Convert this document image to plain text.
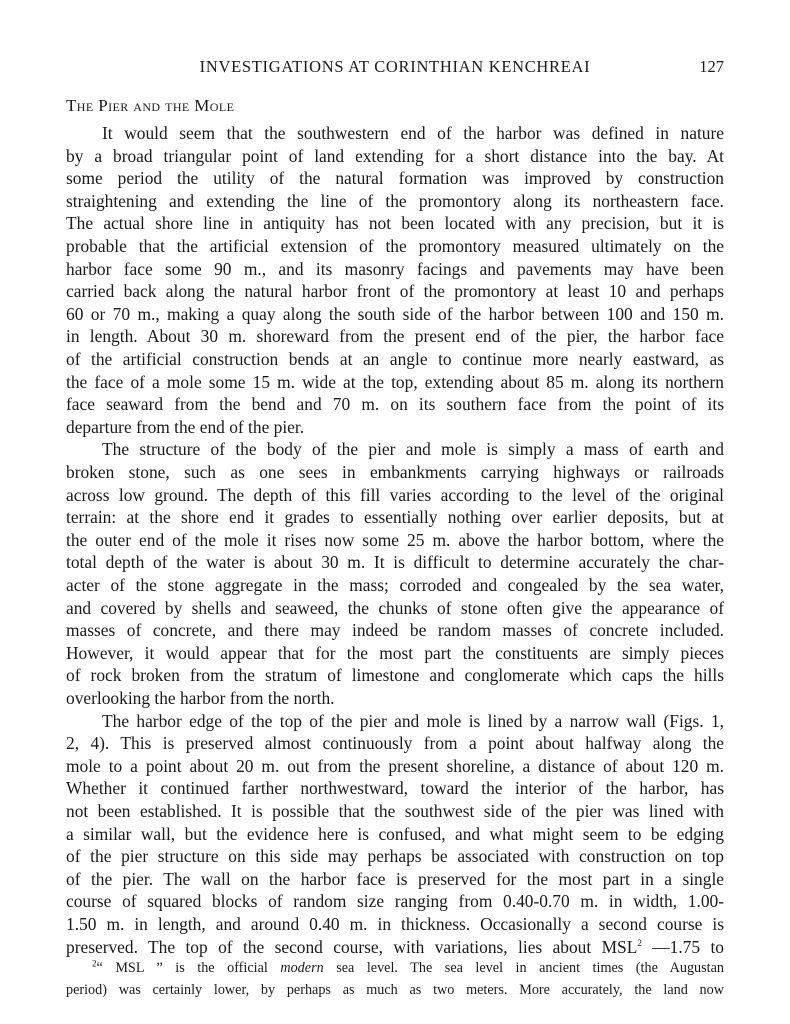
INVESTIGATIONS AT CORINTHIAN KENCHREAI	127
The Pier and the Mole
It would seem that the southwestern end of the harbor was defined in nature
by a broad triangular point of land extending for a short distance into the bay. At
some period the utility of the natural formation was improved by construction
straightening and extending the line of the promontory along its northeastern face.
The actual shore line in antiquity has not been located with any precision, but it is
probable that the artificial extension of the promontory measured ultimately on the
harbor face some 90 m., and its masonry facings and pavements may have been
carried back along the natural harbor front of the promontory at least 10 and perhaps
60 or 70 m., making a quay along the south side of the harbor between 100 and 150 m.
in length. About 30 m. shoreward from the present end of the pier, the harbor face
of the artificial construction bends at an angle to continue more nearly eastward, as
the face of a mole some 15 m. wide at the top, extending about 85 m. along its northern
face seaward from the bend and 70 m. on its southern face from the point of its
departure from the end of the pier.
The structure of the body of the pier and mole is simply a mass of earth and
broken stone, such as one sees in embankments carrying highways or railroads
across low ground. The depth of this fill varies according to the level of the original
terrain: at the shore end it grades to essentially nothing over earlier deposits, but at
the outer end of the mole it rises now some 25 m. above the harbor bottom, where the
total depth of the water is about 30 m. It is difficult to determine accurately the char-
acter of the stone aggregate in the mass; corroded and congealed by the sea water,
and covered by shells and seaweed, the chunks of stone often give the appearance of
masses of concrete, and there may indeed be random masses of concrete included.
However, it would appear that for the most part the constituents are simply pieces
of rock broken from the stratum of limestone and conglomerate which caps the hills
overlooking the harbor from the north.
The harbor edge of the top of the pier and mole is lined by a narrow wall (Figs. 1,
2, 4). This is preserved almost continuously from a point about halfway along the
mole to a point about 20 m. out from the present shoreline, a distance of about 120 m.
Whether it continued farther northwestward, toward the interior of the harbor, has
not been established. It is possible that the southwest side of the pier was lined with
a similar wall, but the evidence here is confused, and what might seem to be edging
of the pier structure on this side may perhaps be associated with construction on top
of the pier. The wall on the harbor face is preserved for the most part in a single
course of squared blocks of random size ranging from 0.40-0.70 m. in width, 1.00-
1.50 m. in length, and around 0.40 m. in thickness. Occasionally a second course is
preserved. The top of the second course, with variations, lies about MSL$^2$ —1.75 to
$^2$“ MSL ” is the official modern sea level. The sea level in ancient times (the Augustan
period) was certainly lower, by perhaps as much as two meters. More accurately, the land now
